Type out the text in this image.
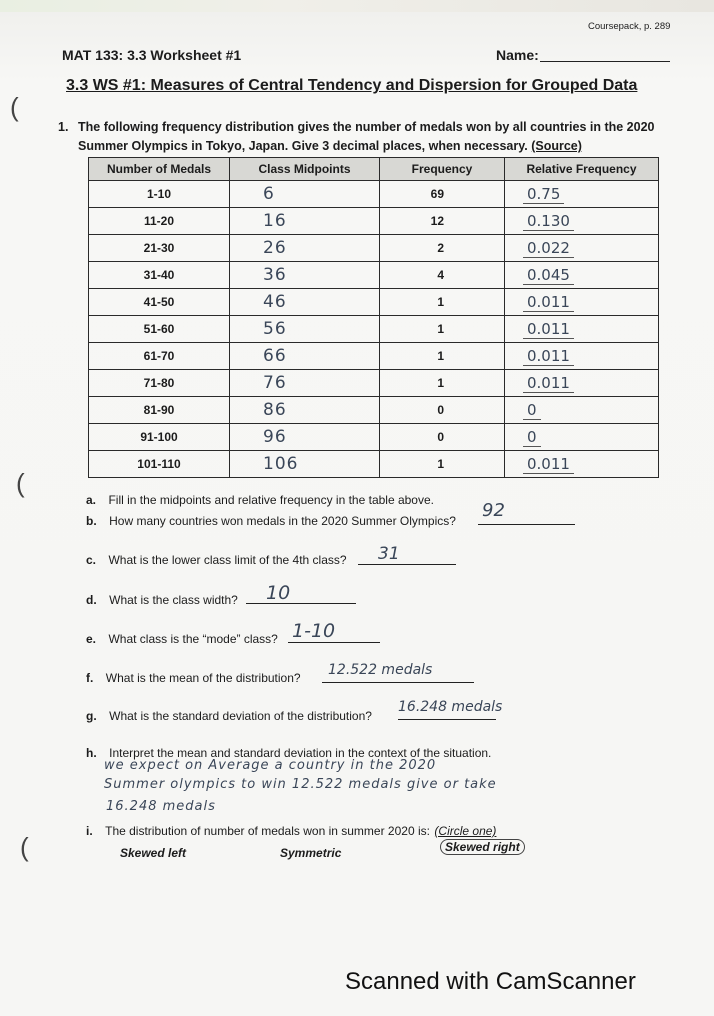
Coursepack, p. 289
MAT 133: 3.3 Worksheet #1	Name:
3.3 WS #1: Measures of Central Tendency and Dispersion for Grouped Data
(
1. The following frequency distribution gives the number of medals won by all countries in the 2020
Summer Olympics in Tokyo, Japan. Give 3 decimal places, when necessary. (Source)
Number of Medals	Class Midpoints	Frequency	Relative Frequency
1-10	6	69	0.75
11-20	16	12	0.130
21-30	26	2	0.022
31-40	36	4	0.045
41-50	46	1	0.011
51-60	56	1	0.011
61-70	66	1	0.011
71-80	76	1	0.011
81-90	86	0	0
91-100	96	0	0
101-110	106	1	0.011
(
a. Fill in the midpoints and relative frequency in the table above.
b. How many countries won medals in the 2020 Summer Olympics? 92
c. What is the lower class limit of the 4th class? 31
d. What is the class width? 10
e. What class is the “mode” class? 1-10
f. What is the mean of the distribution? 12.522 medals
g. What is the standard deviation of the distribution?
16.248 medals
h. Interpret the mean and standard deviation in the context of the situation.
we expect on Average a country in the 2020
Summer olympics to win 12.522 medals give or take
16.248 medals
i. The distribution of number of medals won in summer 2020 is: (Circle one)
(	Skewed left	Symmetric	Skewed right
Scanned with CamScanner
